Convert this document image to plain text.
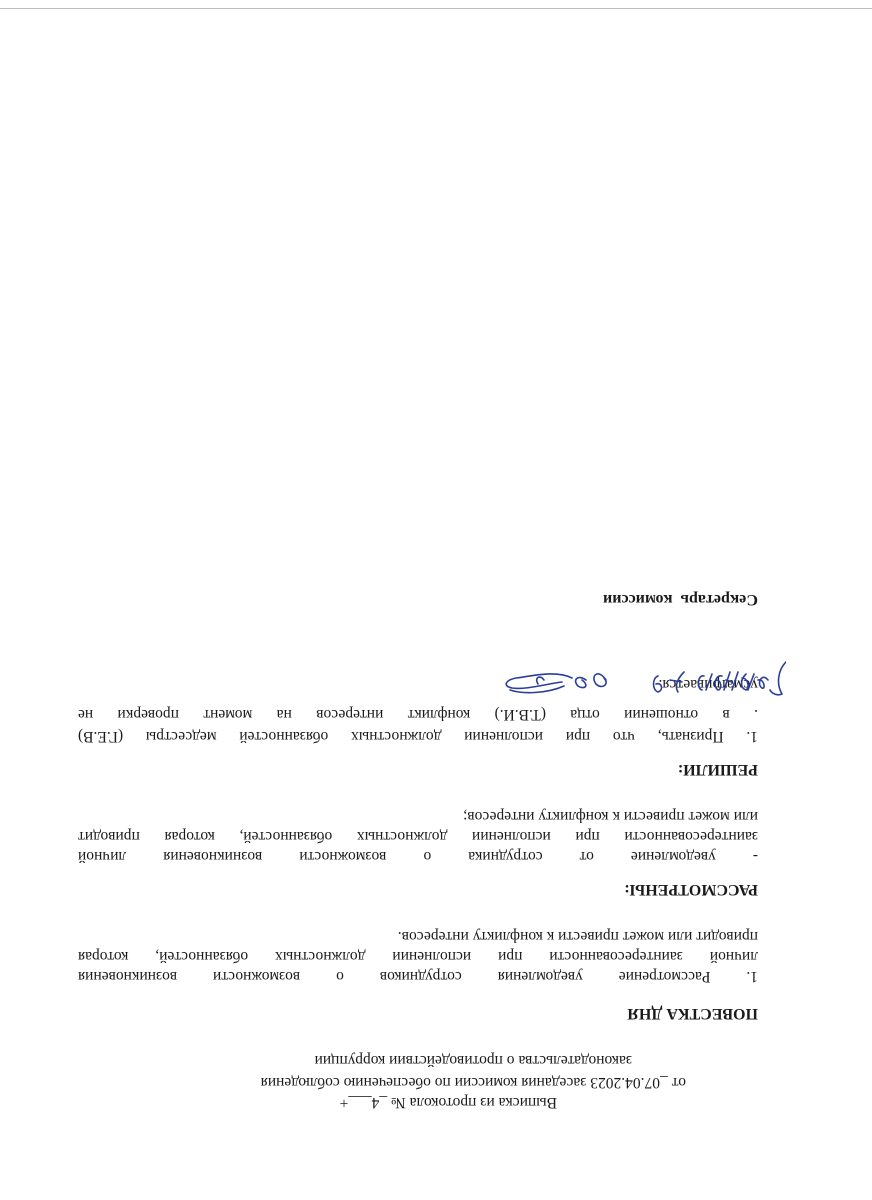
Выписка из протокола № _4___+
от _07.04.2023 заседания комиссии по обеспечению соблюдения
законодательства о противодействии коррупции
ПОВЕСТКА ДНЯ
1. Рассмотрение уведомления сотрудников о возможности возникновения
личной заинтересованности при исполнении должностных обязанностей, которая
приводит или может привести к конфликту интересов.
РАССМОТРЕНЫ:
- уведомление от сотрудника о возможности возникновения личной
заинтересованности при исполнении должностных обязанностей, которая приводит
или может привести к конфликту интересов;
РЕШИЛИ:
1. Признать, что при исполнении должностных обязанностей медсестры (Г.Е.В)
. в отношении отца (Т.В.И.) конфликт интересов на момент проверки не
усматривается.
Секретарь комиссии
